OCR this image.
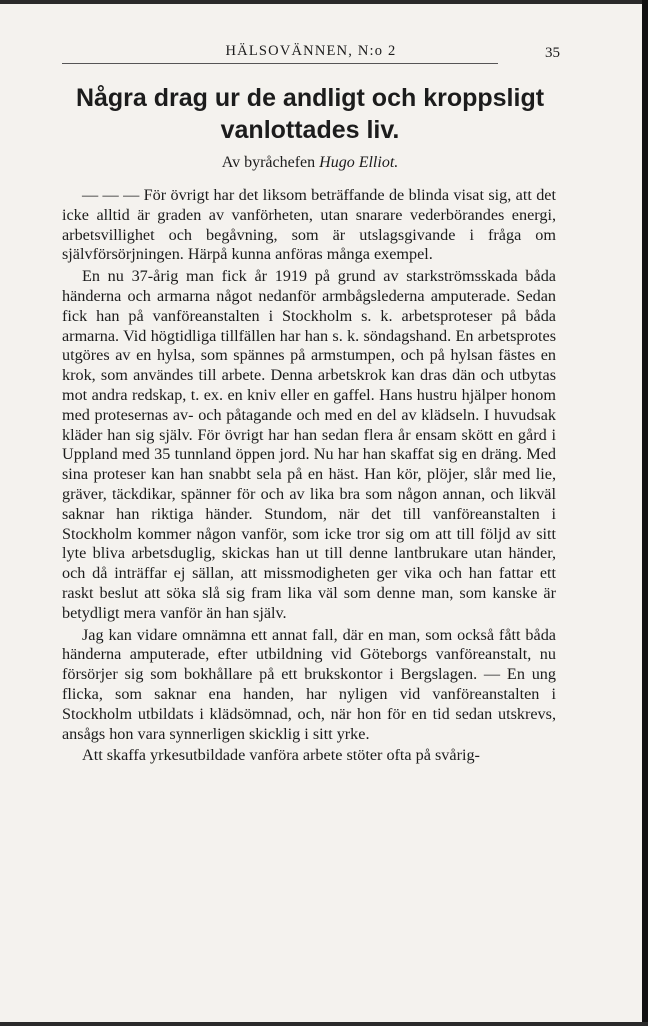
HÄLSOVÄNNEN, N:o 2	35
Några drag ur de andligt och kroppsligt vanlottades liv.
Av byråchefen Hugo Elliot.

— — — För övrigt har det liksom beträffande de blinda visat sig, att det icke alltid är graden av vanförheten, utan snarare vederbörandes energi, arbetsvillighet och begåvning, som är utslagsgivande i fråga om självförsörjningen. Härpå kunna anföras många exempel.

En nu 37-årig man fick år 1919 på grund av starkströmsskada båda händerna och armarna något nedanför armbågslederna amputerade. Sedan fick han på vanföreanstalten i Stockholm s. k. arbetsproteser på båda armarna. Vid högtidliga tillfällen har han s. k. söndagshand. En arbetsprotes utgöres av en hylsa, som spännes på armstumpen, och på hylsan fästes en krok, som användes till arbete. Denna arbetskrok kan dras dän och utbytas mot andra redskap, t. ex. en kniv eller en gaffel. Hans hustru hjälper honom med protesernas av- och påtagande och med en del av klädseln. I huvudsak kläder han sig själv. För övrigt har han sedan flera år ensam skött en gård i Uppland med 35 tunnland öppen jord. Nu har han skaffat sig en dräng. Med sina proteser kan han snabbt sela på en häst. Han kör, plöjer, slår med lie, gräver, täckdikar, spänner för och av lika bra som någon annan, och likväl saknar han riktiga händer. Stundom, när det till vanföreanstalten i Stockholm kommer någon vanför, som icke tror sig om att till följd av sitt lyte bliva arbetsduglig, skickas han ut till denne lantbrukare utan händer, och då inträffar ej sällan, att missmodigheten ger vika och han fattar ett raskt beslut att söka slå sig fram lika väl som denne man, som kanske är betydligt mera vanför än han själv.

Jag kan vidare omnämna ett annat fall, där en man, som också fått båda händerna amputerade, efter utbildning vid Göteborgs vanföreanstalt, nu försörjer sig som bokhållare på ett brukskontor i Bergslagen. — En ung flicka, som saknar ena handen, har nyligen vid vanföreanstalten i Stockholm utbildats i klädsömnad, och, när hon för en tid sedan utskrevs, ansågs hon vara synnerligen skicklig i sitt yrke.

Att skaffa yrkesutbildade vanföra arbete stöter ofta på svårig-
